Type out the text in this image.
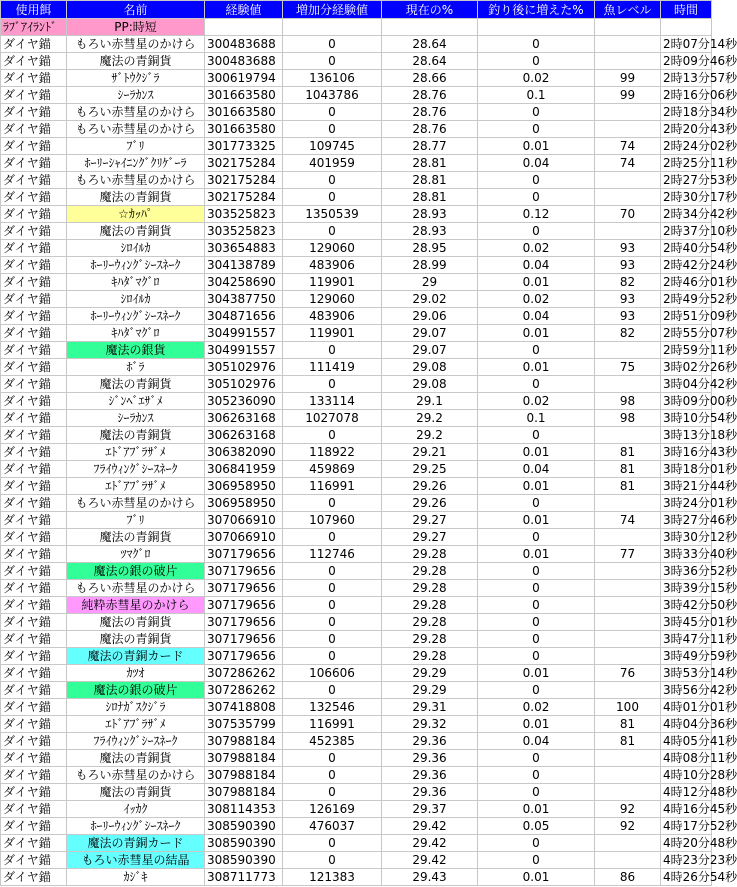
使用餌	名前	経験値	増加分経験値	現在の%	釣り後に増えた%	魚レベル	時間
ﾗﾌﾞｱｲﾗﾝﾄﾞ	PP:時短						
ダイヤ錨	もろい赤彗星のかけら	300483688	0	28.64	0		2時07分14秒
ダイヤ錨	魔法の青銅貨	300483688	0	28.64	0		2時09分46秒
ダイヤ錨	ｻﾞﾄｳｸｼﾞﾗ	300619794	136106	28.66	0.02	99	2時13分57秒
ダイヤ錨	ｼｰﾗｶﾝｽ	301663580	1043786	28.76	0.1	99	2時16分06秒
ダイヤ錨	もろい赤彗星のかけら	301663580	0	28.76	0		2時18分34秒
ダイヤ錨	もろい赤彗星のかけら	301663580	0	28.76	0		2時20分43秒
ダイヤ錨	ﾌﾞﾘ	301773325	109745	28.77	0.01	74	2時24分02秒
ダイヤ錨	ﾎｰﾘｰｼｬｲﾆﾝｸﾞｸﾘｹﾞｰﾗ	302175284	401959	28.81	0.04	74	2時25分11秒
ダイヤ錨	もろい赤彗星のかけら	302175284	0	28.81	0		2時27分53秒
ダイヤ錨	魔法の青銅貨	302175284	0	28.81	0		2時30分17秒
ダイヤ錨	☆ｶｯﾊﾟ	303525823	1350539	28.93	0.12	70	2時34分42秒
ダイヤ錨	魔法の青銅貨	303525823	0	28.93	0		2時37分10秒
ダイヤ錨	ｼﾛｲﾙｶ	303654883	129060	28.95	0.02	93	2時40分54秒
ダイヤ錨	ﾎｰﾘｰｳｨﾝｸﾞｼｰｽﾈｰｸ	304138789	483906	28.99	0.04	93	2時42分24秒
ダイヤ錨	ｷﾊﾀﾞﾏｸﾞﾛ	304258690	119901	29	0.01	82	2時46分01秒
ダイヤ錨	ｼﾛｲﾙｶ	304387750	129060	29.02	0.02	93	2時49分52秒
ダイヤ錨	ﾎｰﾘｰｳｨﾝｸﾞｼｰｽﾈｰｸ	304871656	483906	29.06	0.04	93	2時51分09秒
ダイヤ錨	ｷﾊﾀﾞﾏｸﾞﾛ	304991557	119901	29.07	0.01	82	2時55分07秒
ダイヤ錨	魔法の銀貨	304991557	0	29.07	0		2時59分11秒
ダイヤ錨	ﾎﾞﾗ	305102976	111419	29.08	0.01	75	3時02分26秒
ダイヤ錨	魔法の青銅貨	305102976	0	29.08	0		3時04分42秒
ダイヤ錨	ｼﾞﾝﾍﾞｴｻﾞﾒ	305236090	133114	29.1	0.02	98	3時09分00秒
ダイヤ錨	ｼｰﾗｶﾝｽ	306263168	1027078	29.2	0.1	98	3時10分54秒
ダイヤ錨	魔法の青銅貨	306263168	0	29.2	0		3時13分18秒
ダイヤ錨	ｴﾄﾞｱﾌﾞﾗｻﾞﾒ	306382090	118922	29.21	0.01	81	3時16分43秒
ダイヤ錨	ﾌﾗｲｳｨﾝｸﾞｼｰｽﾈｰｸ	306841959	459869	29.25	0.04	81	3時18分01秒
ダイヤ錨	ｴﾄﾞｱﾌﾞﾗｻﾞﾒ	306958950	116991	29.26	0.01	81	3時21分44秒
ダイヤ錨	もろい赤彗星のかけら	306958950	0	29.26	0		3時24分01秒
ダイヤ錨	ﾌﾞﾘ	307066910	107960	29.27	0.01	74	3時27分46秒
ダイヤ錨	魔法の青銅貨	307066910	0	29.27	0		3時30分12秒
ダイヤ錨	ﾂﾏｸﾞﾛ	307179656	112746	29.28	0.01	77	3時33分40秒
ダイヤ錨	魔法の銀の破片	307179656	0	29.28	0		3時36分52秒
ダイヤ錨	もろい赤彗星のかけら	307179656	0	29.28	0		3時39分15秒
ダイヤ錨	純粋赤彗星のかけら	307179656	0	29.28	0		3時42分50秒
ダイヤ錨	魔法の青銅貨	307179656	0	29.28	0		3時45分01秒
ダイヤ錨	魔法の青銅貨	307179656	0	29.28	0		3時47分11秒
ダイヤ錨	魔法の青銅カード	307179656	0	29.28	0		3時49分59秒
ダイヤ錨	ｶﾂｵ	307286262	106606	29.29	0.01	76	3時53分14秒
ダイヤ錨	魔法の銀の破片	307286262	0	29.29	0		3時56分42秒
ダイヤ錨	ｼﾛﾅｶﾞｽｸｼﾞﾗ	307418808	132546	29.31	0.02	100	4時01分01秒
ダイヤ錨	ｴﾄﾞｱﾌﾞﾗｻﾞﾒ	307535799	116991	29.32	0.01	81	4時04分36秒
ダイヤ錨	ﾌﾗｲｳｨﾝｸﾞｼｰｽﾈｰｸ	307988184	452385	29.36	0.04	81	4時05分41秒
ダイヤ錨	魔法の青銅貨	307988184	0	29.36	0		4時08分11秒
ダイヤ錨	もろい赤彗星のかけら	307988184	0	29.36	0		4時10分28秒
ダイヤ錨	魔法の青銅貨	307988184	0	29.36	0		4時12分48秒
ダイヤ錨	ｲｯｶｸ	308114353	126169	29.37	0.01	92	4時16分45秒
ダイヤ錨	ﾎｰﾘｰｳｨﾝｸﾞｼｰｽﾈｰｸ	308590390	476037	29.42	0.05	92	4時17分52秒
ダイヤ錨	魔法の青銅カード	308590390	0	29.42	0		4時20分48秒
ダイヤ錨	もろい赤彗星の結晶	308590390	0	29.42	0		4時23分23秒
ダイヤ錨	ｶｼﾞｷ	308711773	121383	29.43	0.01	86	4時26分54秒
